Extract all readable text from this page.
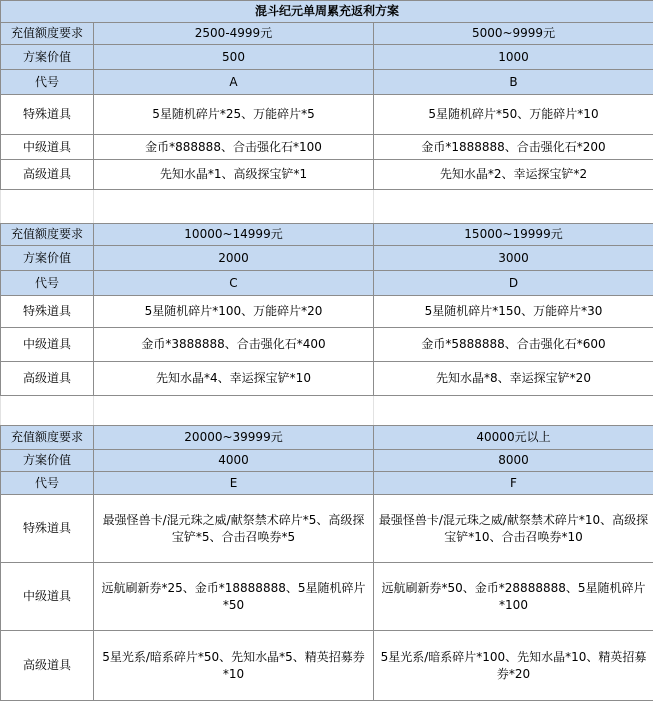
混斗纪元单周累充返利方案		
充值额度要求	2500-4999元	5000~9999元
方案价值	500	1000
代号	A	B
特殊道具	5星随机碎片*25、万能碎片*5	5星随机碎片*50、万能碎片*10
中级道具	金币*888888、合击强化石*100	金币*1888888、合击强化石*200
高级道具	先知水晶*1、高级探宝铲*1	先知水晶*2、幸运探宝铲*2

充值额度要求	10000~14999元	15000~19999元
方案价值	2000	3000
代号	C	D
特殊道具	5星随机碎片*100、万能碎片*20	5星随机碎片*150、万能碎片*30
中级道具	金币*3888888、合击强化石*400	金币*5888888、合击强化石*600
高级道具	先知水晶*4、幸运探宝铲*10	先知水晶*8、幸运探宝铲*20

充值额度要求	20000~39999元	40000元以上
方案价值	4000	8000
代号	E	F
特殊道具	最强怪兽卡/混元珠之威/献祭禁术碎片*5、高级探宝铲*5、合击召唤券*5	最强怪兽卡/混元珠之威/献祭禁术碎片*10、高级探宝铲*10、合击召唤券*10
中级道具	远航刷新券*25、金币*18888888、5星随机碎片*50	远航刷新券*50、金币*28888888、5星随机碎片*100
高级道具	5星光系/暗系碎片*50、先知水晶*5、精英招募券*10	5星光系/暗系碎片*100、先知水晶*10、精英招募券*20
